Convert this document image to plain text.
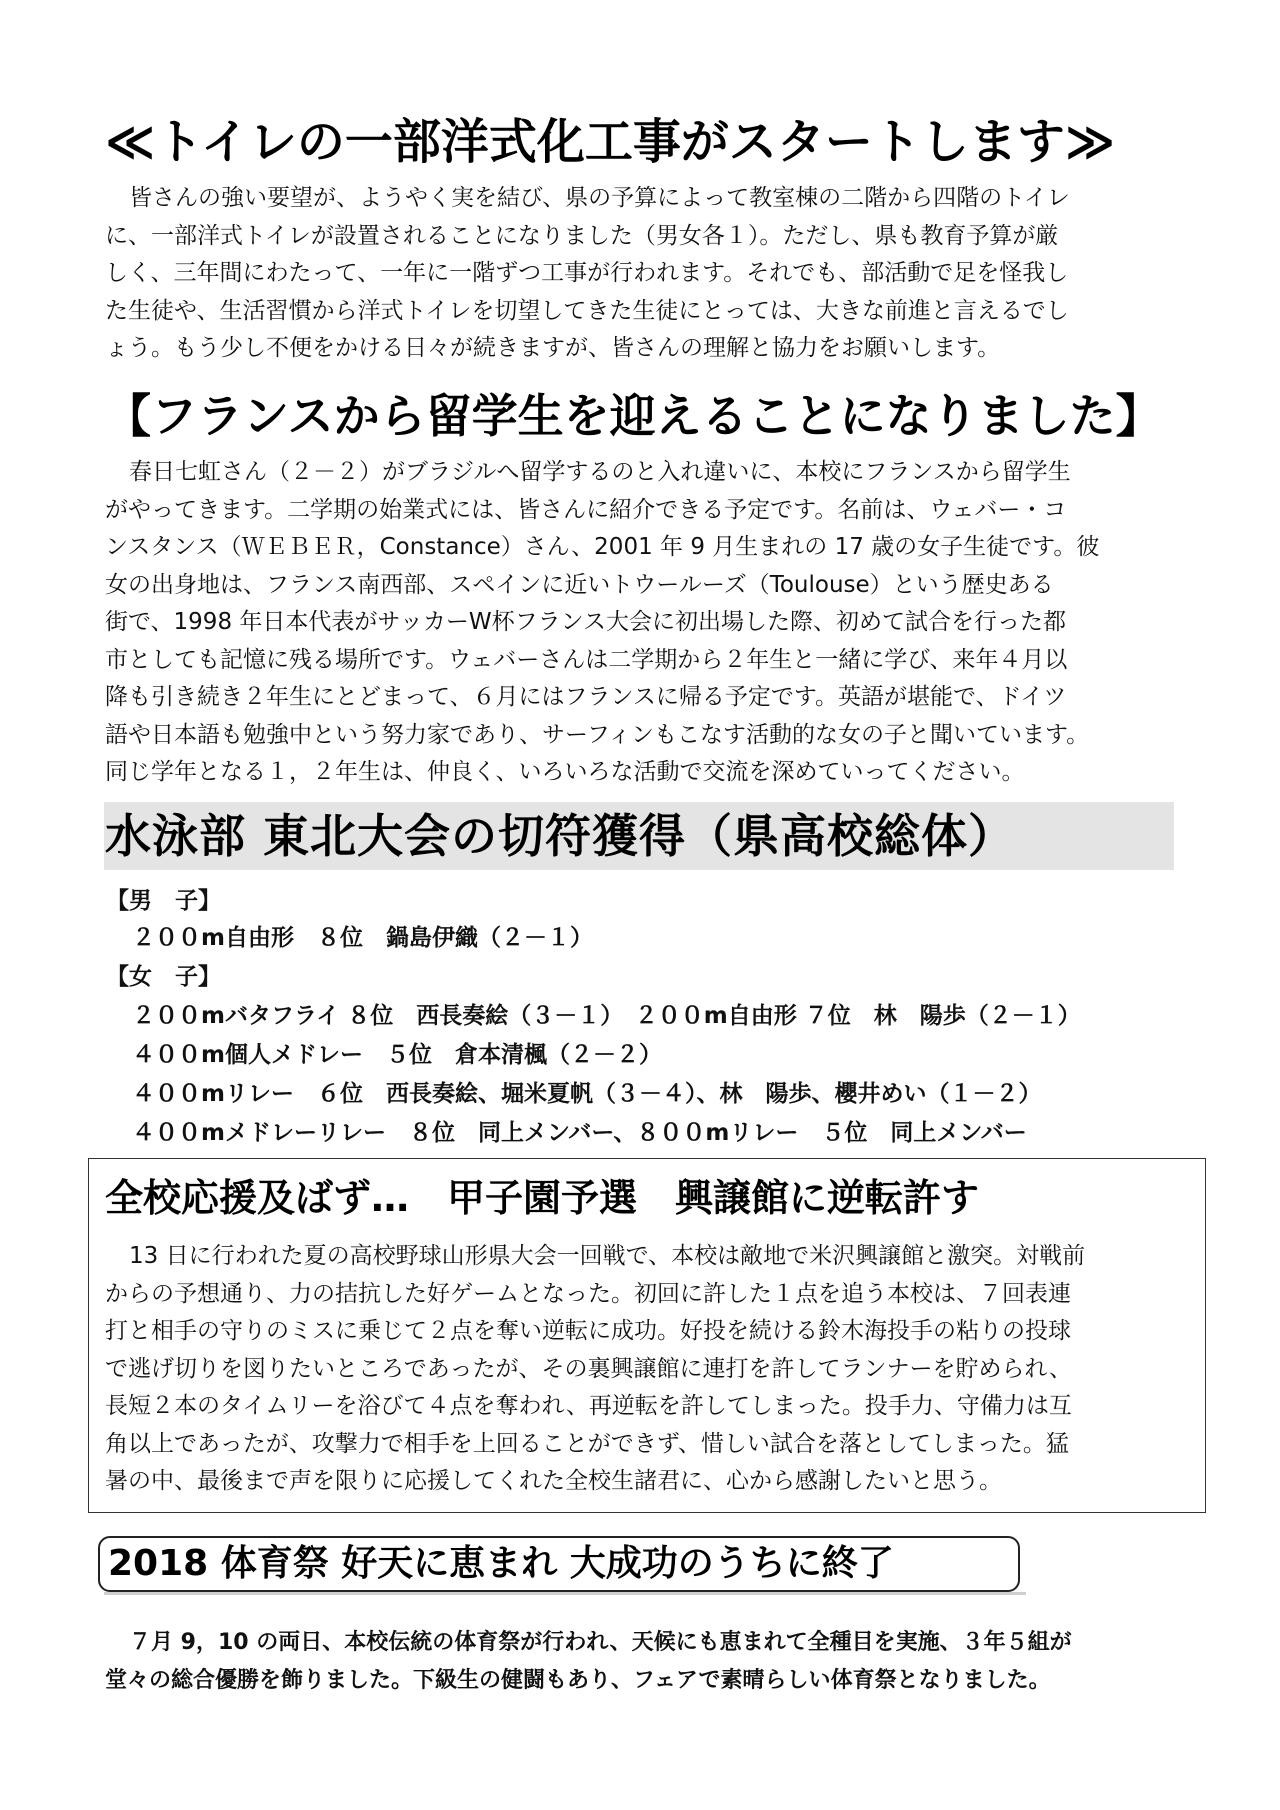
≪トイレの一部洋式化工事がスタートします≫
皆さんの強い要望が、ようやく実を結び、県の予算によって教室棟の二階から四階のトイレ
に、一部洋式トイレが設置されることになりました（男女各１）。ただし、県も教育予算が厳
しく、三年間にわたって、一年に一階ずつ工事が行われます。それでも、部活動で足を怪我し
た生徒や、生活習慣から洋式トイレを切望してきた生徒にとっては、大きな前進と言えるでし
ょう。もう少し不便をかける日々が続きますが、皆さんの理解と協力をお願いします。
【フランスから留学生を迎えることになりました】
春日七虹さん（２－２）がブラジルへ留学するのと入れ違いに、本校にフランスから留学生
がやってきます。二学期の始業式には、皆さんに紹介できる予定です。名前は、ウェバー・コ
ンスタンス（ＷＥＢＥＲ，Constance）さん、2001 年 9 月生まれの 17 歳の女子生徒です。彼
女の出身地は、フランス南西部、スペインに近いトウールーズ（Toulouse）という歴史ある
街で、1998 年日本代表がサッカーW杯フランス大会に初出場した際、初めて試合を行った都
市としても記憶に残る場所です。ウェバーさんは二学期から２年生と一緒に学び、来年４月以
降も引き続き２年生にとどまって、６月にはフランスに帰る予定です。英語が堪能で、ドイツ
語や日本語も勉強中という努力家であり、サーフィンもこなす活動的な女の子と聞いています。
同じ学年となる１，２年生は、仲良く、いろいろな活動で交流を深めていってください。
水泳部 東北大会の切符獲得（県高校総体）
【男　子】
２００m自由形　８位　鍋島伊織（２－１）
【女　子】
２００mバタフライ ８位　西長奏絵（３－１）　２００m自由形 ７位　林　陽歩（２－１）
４００m個人メドレー　５位　倉本清楓（２－２）
４００mリレー　６位　西長奏絵、堀米夏帆（３－４）、林　陽歩、櫻井めい（１－２）
４００mメドレーリレー　８位　同上メンバー、８００mリレー　５位　同上メンバー
全校応援及ばず…　甲子園予選　興譲館に逆転許す
13 日に行われた夏の高校野球山形県大会一回戦で、本校は敵地で米沢興譲館と激突。対戦前
からの予想通り、力の拮抗した好ゲームとなった。初回に許した１点を追う本校は、７回表連
打と相手の守りのミスに乗じて２点を奪い逆転に成功。好投を続ける鈴木海投手の粘りの投球
で逃げ切りを図りたいところであったが、その裏興譲館に連打を許してランナーを貯められ、
長短２本のタイムリーを浴びて４点を奪われ、再逆転を許してしまった。投手力、守備力は互
角以上であったが、攻撃力で相手を上回ることができず、惜しい試合を落としてしまった。猛
暑の中、最後まで声を限りに応援してくれた全校生諸君に、心から感謝したいと思う。
2018 体育祭 好天に恵まれ 大成功のうちに終了
７月 9，10 の両日、本校伝統の体育祭が行われ、天候にも恵まれて全種目を実施、３年５組が
堂々の総合優勝を飾りました。下級生の健闘もあり、フェアで素晴らしい体育祭となりました。
